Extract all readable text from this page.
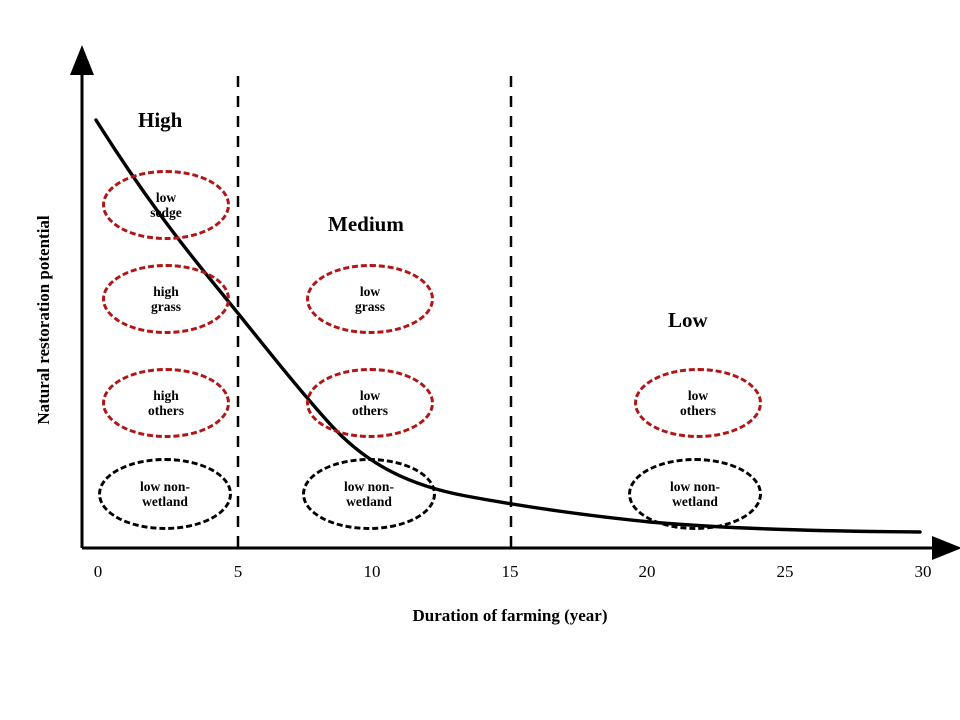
Natural restoration potential
Duration of farming (year)
0	5	10	15	20	25	30
High
Medium
Low
low
sedge
high
grass
high
others
low non-
wetland
low
grass
low
others
low non-
wetland
low
others
low non-
wetland
